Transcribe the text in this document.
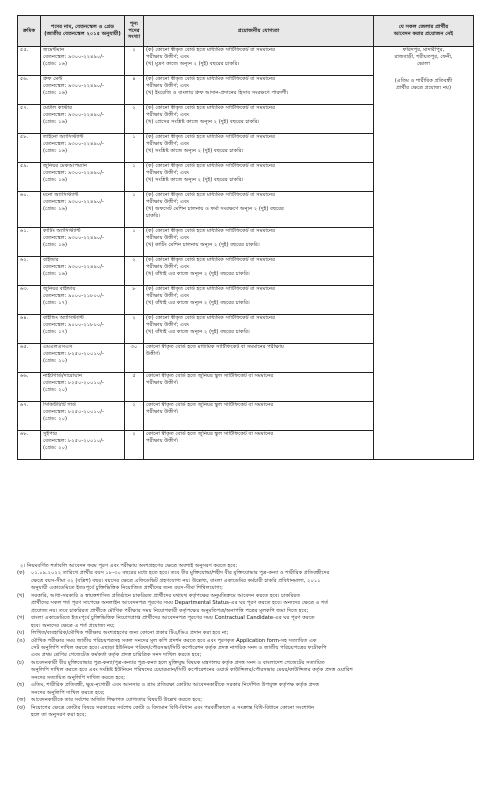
ক্রমিক	পদের নাম, বেতনস্কেল ও গ্রেড
(জাতীয় বেতনস্কেল ২০১৫ অনুযায়ী)	শূন্য
পদের
সংখ্যা	প্রয়োজনীয় যোগ্যতা	যে সকল জেলার প্রার্থীর
আবেদন করার প্রয়োজন নেই

৫৫.	জমেন্টমান
বেতনস্কেল: ৯৩০০-২২৪৯০/-
(গ্রেড: ১৬)	২	(ক) কোনো স্বীকৃত বোর্ড হতে মাধ্যমিক সার্টিফিকেট বা সমমানের
পরীক্ষায় উত্তীর্ণ; এবং
(খ) মুদ্রণ কাজে অন্যূন ২ (দুই) বছরের চাকরি।	ফরিদপুর, মাদারীপুর,
রাজবাড়ী, শরীয়তপুর, ফেনী,
ভোলা
(এতিম ও শারীরিক প্রতিবন্ধী
প্রার্থীর ক্ষেত্রে প্রযোজ্য নয়)

৫৬.	প্রুফ মেন্ট
বেতনস্কেল: ৯৩০০-২২৪৯০/-
(গ্রেড: ১৬)	৪	(ক) কোনো স্বীকৃত বোর্ড হতে মাধ্যমিক সার্টিফিকেট বা সমমানের
পরীক্ষায় উত্তীর্ণ; এবং
(খ) ইংরেজি ও বাংলায় প্রুফ আদান-প্রদানের হিসাব সংরক্ষণে পারদর্শী।	

৫৭.	মেটাল কাস্টার
বেতনস্কেল: ৯৩০০-২২৪৯০/-
(গ্রেড: ১৬)	২	(ক) কোনো স্বীকৃত বোর্ড হতে মাধ্যমিক সার্টিফিকেট বা সমমানের
পরীক্ষায় উত্তীর্ণ; এবং
(খ) প্রেসের সংশ্লিষ্ট কাজে অন্যূন ২ (দুই) বছরের চাকরি।	

৫৮.	লাইনো অ্যাসিস্ট্যান্ট
বেতনস্কেল: ৯৩০০-২২৪৯০/-
(গ্রেড: ১৬)	১	(ক) কোনো স্বীকৃত বোর্ড হতে মাধ্যমিক সার্টিফিকেট বা সমমানের
পরীক্ষায় উত্তীর্ণ; এবং
(খ) সংশ্লিষ্ট কাজে অন্যূন ২ (দুই) বছরের চাকরি।	

৫৯.	জুনিয়র মেকআপম্যান
বেতনস্কেল: ৯৩০০-২২৪৯০/-
(গ্রেড: ১৬)	১	(ক) কোনো স্বীকৃত বোর্ড হতে মাধ্যমিক সার্টিফিকেট বা সমমানের
পরীক্ষায় উত্তীর্ণ; এবং
(খ) সংশ্লিষ্ট কাজে অন্যূন ২ (দুই) বছরের চাকরি।	

৬০.	মনো অ্যাসিস্ট্যান্ট
বেতনস্কেল: ৯৩০০-২২৪৯০/-
(গ্রেড: ১৬)	১	(ক) কোনো স্বীকৃত বোর্ড হতে মাধ্যমিক সার্টিফিকেট বা সমমানের
পরীক্ষায় উত্তীর্ণ; এবং
(খ) অফসেট মেশিন চালনায় ও ফর্মা সংরক্ষণে অন্যূন ২ (দুই) বছরের
চাকরি।	

৬১.	কাটিং অ্যাসিস্ট্যান্ট
বেতনস্কেল: ৯৩০০-২২৪৯০/-
(গ্রেড: ১৬)	১	(ক) কোনো স্বীকৃত বোর্ড হতে মাধ্যমিক সার্টিফিকেট বা সমমানের
পরীক্ষায় উত্তীর্ণ; এবং
(খ) কাটিং মেশিন চালনায় অন্যূন ২ (দুই) বছরের চাকরি।	

৬২.	বাইন্ডার
বেতনস্কেল: ৯৩০০-২২৪৯০/-
(গ্রেড: ১৬)	২	(ক) কোনো স্বীকৃত বোর্ড হতে মাধ্যমিক সার্টিফিকেট বা সমমানের
পরীক্ষায় উত্তীর্ণ; এবং
(খ) বাঁধাই এর কাজে অন্যূন ২ (দুই) বছরের চাকরি।	

৬৩.	জুনিয়র বাইন্ডার
বেতনস্কেল: ৯০০০-২১৮০০/-
(গ্রেড: ১৭)	৮	(ক) কোনো স্বীকৃত বোর্ড হতে মাধ্যমিক সার্টিফিকেট বা সমমানের
পরীক্ষায় উত্তীর্ণ; এবং
(খ) বাঁধাই এর কাজে অন্যূন ২ (দুই) বছরের চাকরি।	

৬৪.	বাইন্ডিং অ্যাসিস্ট্যান্ট
বেতনস্কেল: ৯০০০-২১৮০০/-
(গ্রেড: ১৭)	২	(ক) কোনো স্বীকৃত বোর্ড হতে মাধ্যমিক সার্টিফিকেট বা সমমানের
পরীক্ষায় উত্তীর্ণ; এবং
(খ) বাঁধাই এর কাজে অন্যূন ২ (দুই) বছরের চাকরি।	

৬৫.	এমএলএসএস
বেতনস্কেল: ৮২৫০-২০০১০/-
(গ্রেড: ২০)	৩০	কোনো স্বীকৃত বোর্ড হতে মাধ্যমিক সার্টিফিকেট বা সমমানের পরীক্ষায়
উত্তীর্ণ।	

৬৬.	নাইটগার্ড/দারোয়ান
বেতনস্কেল: ৮২৫০-২০০১০/-
(গ্রেড: ২০)	৫	কোনো স্বীকৃত বোর্ড হতে জুনিয়র স্কুল সার্টিফিকেট বা সমমানের
পরীক্ষায় উত্তীর্ণ।	

৬৭.	সিকিউরিটি গার্ড
বেতনস্কেল: ৮২৫০-২০০১০/-
(গ্রেড: ২০)	২	কোনো স্বীকৃত বোর্ড হতে জুনিয়র স্কুল সার্টিফিকেট বা সমমানের
পরীক্ষায় উত্তীর্ণ।	

৬৮.	সুইপার
বেতনস্কেল: ৮২৫০-২০০১০/-
(গ্রেড: ২০)	২	কোনো স্বীকৃত বোর্ড হতে জুনিয়র স্কুল সার্টিফিকেট বা সমমানের
পরীক্ষায় উত্তীর্ণ।	
২। নিয়মবর্ণিত শর্তাবলি আবেদন ফরম পূরণ এবং পরীক্ষায় অংশগ্রহণের ক্ষেত্রে অবশ্যই অনুসরণ করতে হবে:
(ক)	০১.০৯.২০২২ তারিখে প্রার্থীর বয়স ১৮-৩০ বছরের মধ্যে হতে হবে। তবে বীর মুক্তিযোদ্ধা/শহীদ বীর মুক্তিযোদ্ধার পুত্র-কন্যা ও শারীরিক প্রতিবন্ধীদের
ক্ষেত্রে বয়স-সীমা ৩২ (বত্রিশ) বছর। বয়সের ক্ষেত্রে এফিডেভিট গ্রহণযোগ্য নয়। উল্লেখ্য, বাংলা একাডেমির কর্মচারী চাকরি প্রবিধানমালা, ২০১১
অনুযায়ী একাডেমিতে ইতঃপূর্বে চুক্তিভিত্তিক নিয়োজিত প্রার্থীদের জন্য বয়স-সীমা শিথিলযোগ্য;
(খ)	সরকারি, আধা-সরকারি ও স্বায়ত্তশাসিত প্রতিষ্ঠানে চাকরিরত প্রার্থীদের যথাযথ কর্তৃপক্ষের অনুমতিক্রমে আবেদন করতে হবে। চাকরিরত
প্রার্থীদের সকল শর্ত পূরণ সাপেক্ষে অনলাইন আবেদনপত্র পূরণের সময় Departmental Status-এর ঘর পূরণ করতে হবে। অন্যদের ক্ষেত্রে এ শর্ত
প্রযোজ্য নয়। তবে চাকরিরত প্রার্থীকে মৌখিক পরীক্ষার সময় নিয়োগকারী কর্তৃপক্ষের অনুমতিপত্র/অনাপত্তি পত্রের মূলকপি জমা দিতে হবে;
(গ)	বাংলা একাডেমিতে ইতঃপূর্বে চুক্তিভিত্তিক নিয়োগপ্রাপ্ত প্রার্থীদের আবেদনপত্র পূরণের সময় Contractual Candidate-এর ঘর পূরণ করতে
হবে। অন্যদের ক্ষেত্রে এ শর্ত প্রযোজ্য নয়;
(ঘ)	লিখিত/ব্যবহারিক/মৌখিক পরীক্ষায় অংশগ্রহণের জন্য কোনো প্রকার টিএ/ডিএ প্রদান করা হবে না;
(ঙ)	মৌখিক পরীক্ষার সময় জাতীয় পরিচয়পত্রসহ সকল সনদের মূল কপি প্রদর্শন করতে হবে এবং পূরণকৃত Application form-সহ সত্যায়িত এক
সেট অনুলিপি দাখিল করতে হবে। এছাড়া ইউনিয়ন পরিষদ/পৌরসভা/সিটি কর্পোরেশন কর্তৃক প্রদত্ত নাগরিক সনদ ও জাতীয় পরিচয়পত্রের ফটোকপি
এবং প্রথম শ্রেণির গেজেটেড কর্মকর্তা কর্তৃক প্রদত্ত চারিত্রিক সনদ দাখিল করতে হবে;
(চ)	আবেদনকারী বীর মুক্তিযোদ্ধার পুত্র-কন্যা/পুত্র-কন্যার পুত্র-কন্যা হলে মুক্তিযুদ্ধ বিষয়ক মন্ত্রণালয় কর্তৃক প্রদত্ত সনদ ও বাংলাদেশ গেজেটের সত্যায়িত
অনুলিপি দাখিল করতে হবে এবং সংশ্লিষ্ট ইউনিয়ন পরিষদের চেয়ারম্যান/সিটি কর্পোরেশনের ওয়ার্ড কাউন্সিলর/পৌরসভার মেয়র/কাউন্সিলর কর্তৃক প্রদত্ত ওয়ারিশ
সনদের সত্যায়িত অনুলিপি দাখিল করতে হবে;
(ছ)	এতিম, শারীরিক প্রতিবন্ধী, ক্ষুদ্র-নৃগোষ্ঠী এবং আনসার ও গ্রাম প্রতিরক্ষা কোটায় আবেদনকারীকে সরকার নির্দেশিত উপযুক্ত কর্তৃপক্ষ কর্তৃক প্রদত্ত
সনদের অনুলিপি দাখিল করতে হবে;
(জ)	আবেদনকারীকে তার সর্বশেষ অর্জিত শিক্ষাগত যোগ্যতার বিষয়টি উল্লেখ করতে হবে;
(ঝ)	নিয়োগের ক্ষেত্রে কোটার বিষয়ে সরকারের সর্বশেষ কোটা ও বিদ্যমান বিধি-বিধান এবং পরবর্তীকালে এ সংক্রান্ত বিধি-বিধানে কোনো সংশোধন
হলে তা অনুসরণ করা হবে;
